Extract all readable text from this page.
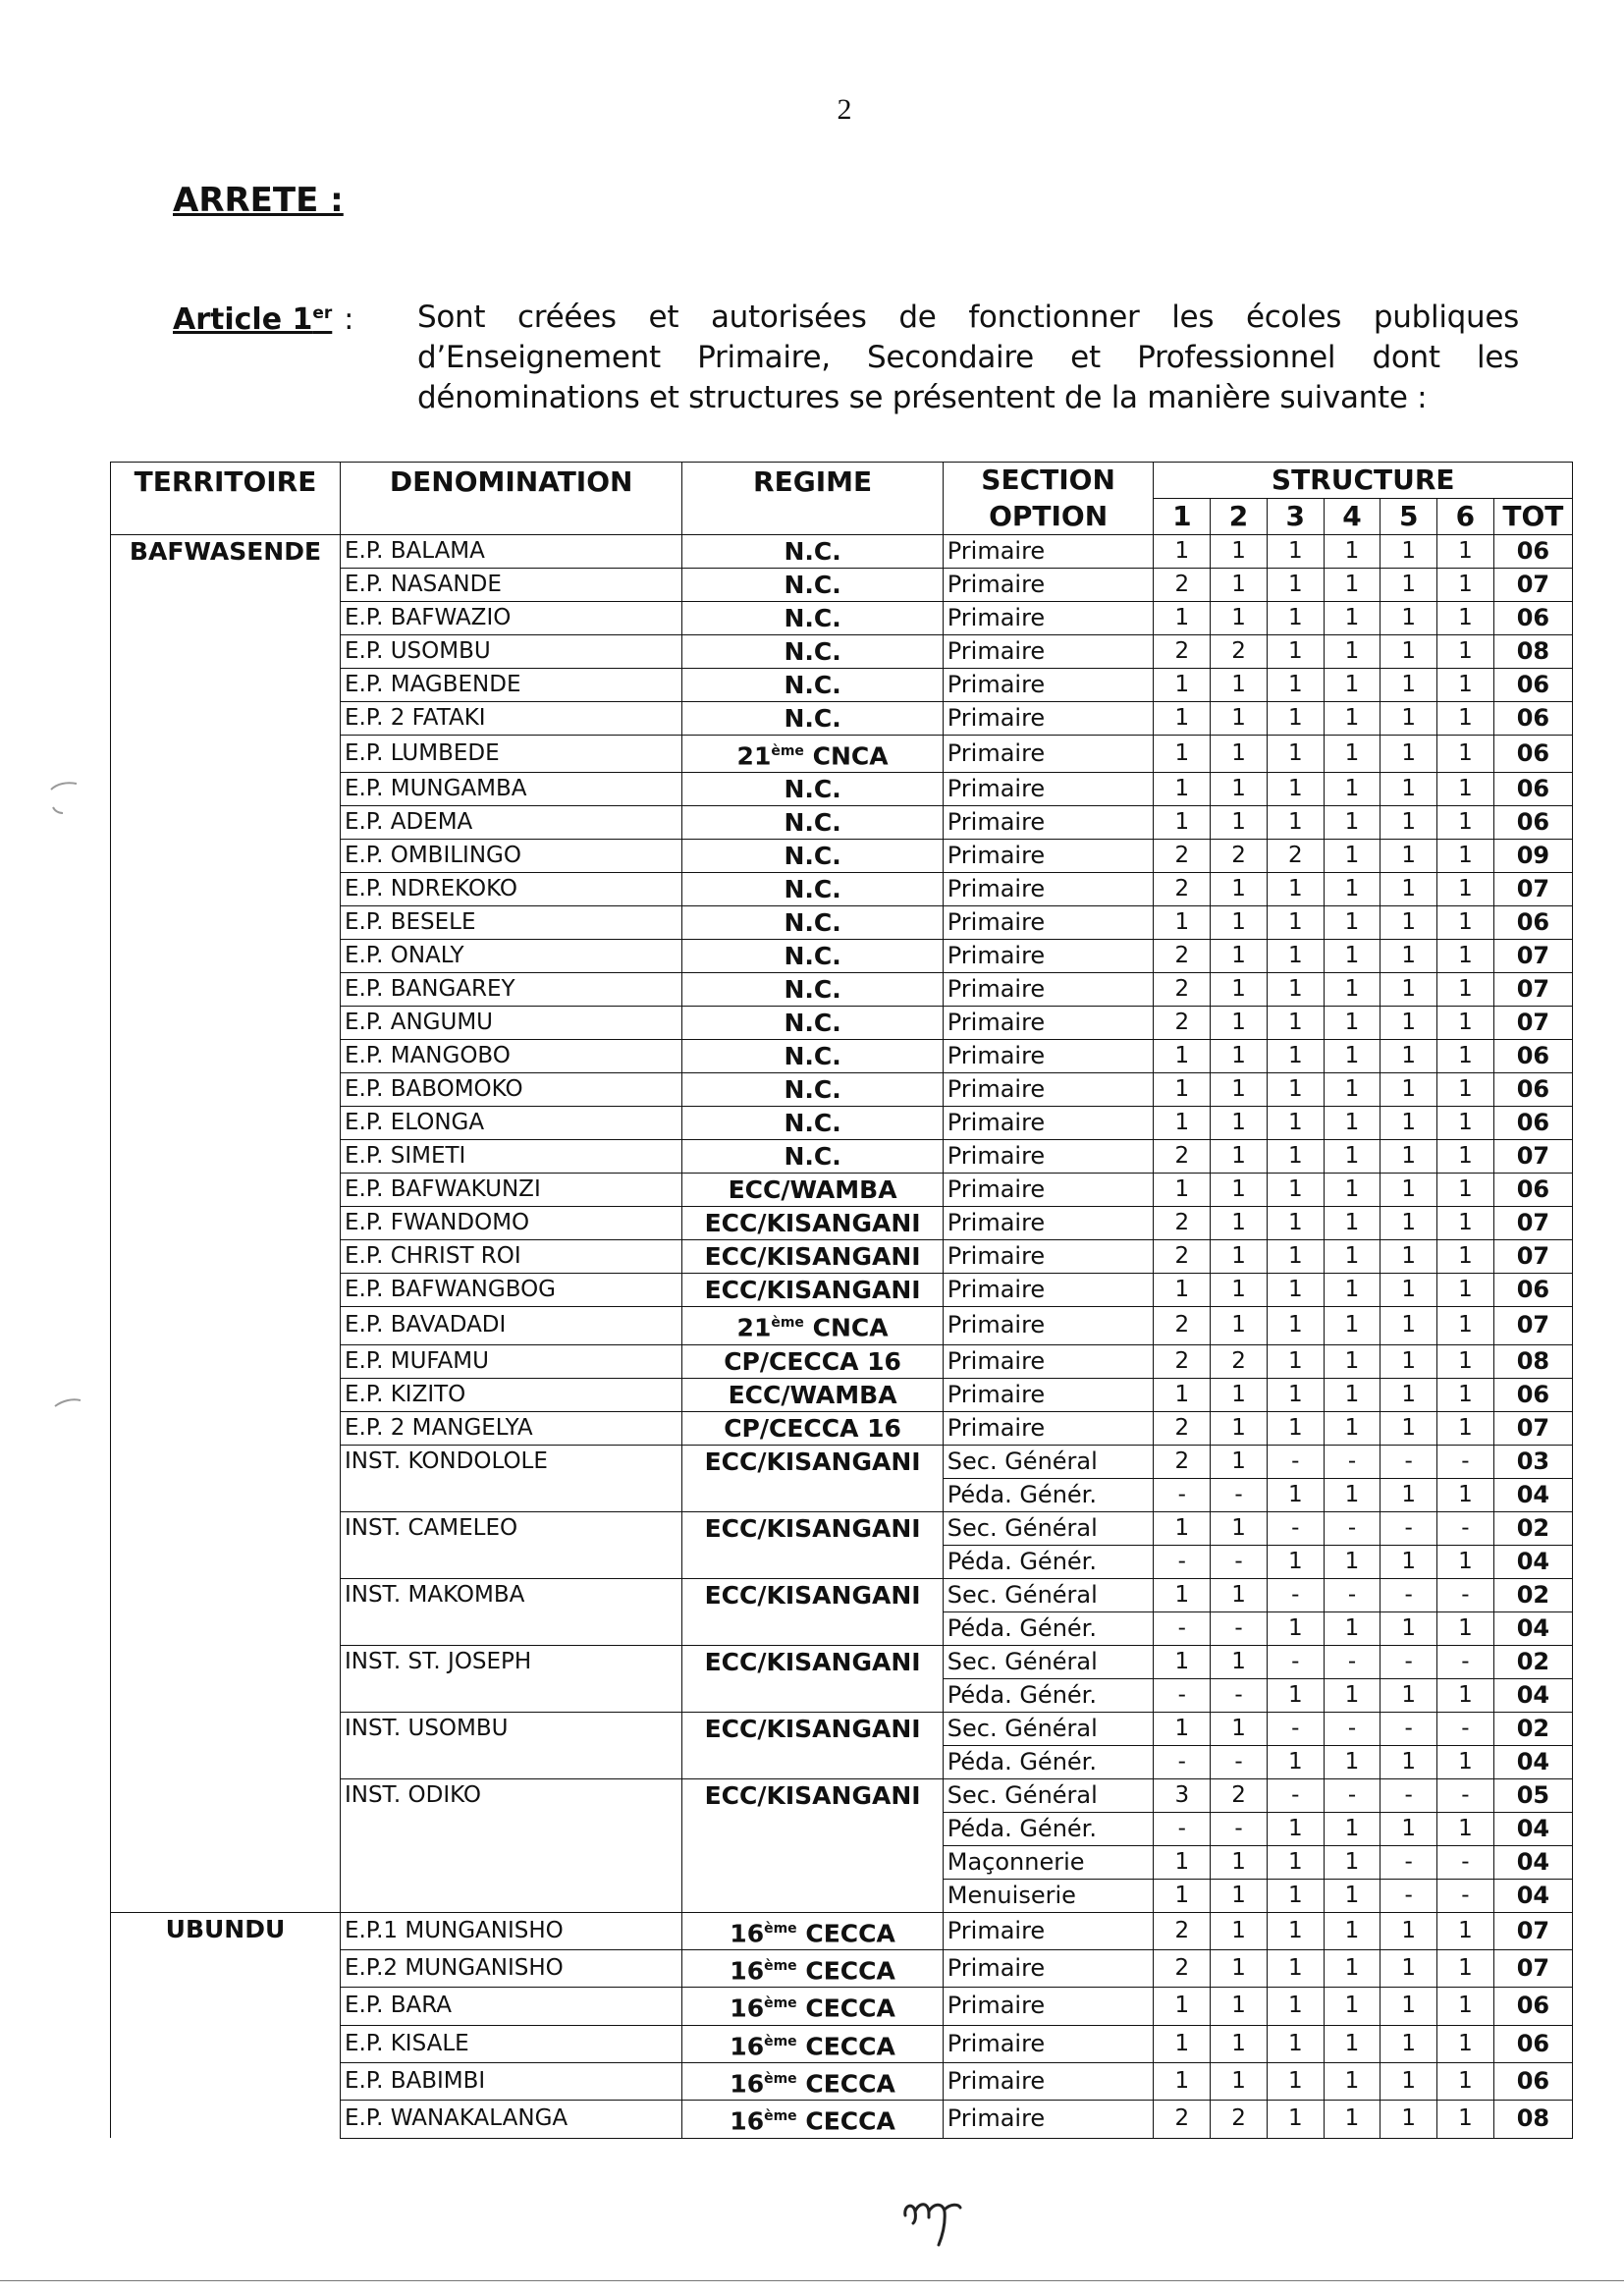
2
ARRETE :
Article 1er : Sont créées et autorisées de fonctionner les écoles publiques d’Enseignement Primaire, Secondaire et Professionnel dont les dénominations et structures se présentent de la manière suivante :

TERRITOIRE	DENOMINATION	REGIME	SECTION	STRUCTURE						
			OPTION	1	2	3	4	5	6	TOT
BAFWASENDE	E.P. BALAMA	N.C.	Primaire	1	1	1	1	1	1	06
	E.P. NASANDE	N.C.	Primaire	2	1	1	1	1	1	07
	E.P. BAFWAZIO	N.C.	Primaire	1	1	1	1	1	1	06
	E.P. USOMBU	N.C.	Primaire	2	2	1	1	1	1	08
	E.P. MAGBENDE	N.C.	Primaire	1	1	1	1	1	1	06
	E.P. 2 FATAKI	N.C.	Primaire	1	1	1	1	1	1	06
	E.P. LUMBEDE	21ème CNCA	Primaire	1	1	1	1	1	1	06
	E.P. MUNGAMBA	N.C.	Primaire	1	1	1	1	1	1	06
	E.P. ADEMA	N.C.	Primaire	1	1	1	1	1	1	06
	E.P. OMBILINGO	N.C.	Primaire	2	2	2	1	1	1	09
	E.P. NDREKOKO	N.C.	Primaire	2	1	1	1	1	1	07
	E.P. BESELE	N.C.	Primaire	1	1	1	1	1	1	06
	E.P. ONALY	N.C.	Primaire	2	1	1	1	1	1	07
	E.P. BANGAREY	N.C.	Primaire	2	1	1	1	1	1	07
	E.P. ANGUMU	N.C.	Primaire	2	1	1	1	1	1	07
	E.P. MANGOBO	N.C.	Primaire	1	1	1	1	1	1	06
	E.P. BABOMOKO	N.C.	Primaire	1	1	1	1	1	1	06
	E.P. ELONGA	N.C.	Primaire	1	1	1	1	1	1	06
	E.P. SIMETI	N.C.	Primaire	2	1	1	1	1	1	07
	E.P. BAFWAKUNZI	ECC/WAMBA	Primaire	1	1	1	1	1	1	06
	E.P. FWANDOMO	ECC/KISANGANI	Primaire	2	1	1	1	1	1	07
	E.P. CHRIST ROI	ECC/KISANGANI	Primaire	2	1	1	1	1	1	07
	E.P. BAFWANGBOG	ECC/KISANGANI	Primaire	1	1	1	1	1	1	06
	E.P. BAVADADI	21ème CNCA	Primaire	2	1	1	1	1	1	07
	E.P. MUFAMU	CP/CECCA 16	Primaire	2	2	1	1	1	1	08
	E.P. KIZITO	ECC/WAMBA	Primaire	1	1	1	1	1	1	06
	E.P. 2 MANGELYA	CP/CECCA 16	Primaire	2	1	1	1	1	1	07
	INST. KONDOLOLE	ECC/KISANGANI	Sec. Général	2	1	-	-	-	-	03
			Péda. Génér.	-	-	1	1	1	1	04
	INST. CAMELEO	ECC/KISANGANI	Sec. Général	1	1	-	-	-	-	02
			Péda. Génér.	-	-	1	1	1	1	04
	INST. MAKOMBA	ECC/KISANGANI	Sec. Général	1	1	-	-	-	-	02
			Péda. Génér.	-	-	1	1	1	1	04
	INST. ST. JOSEPH	ECC/KISANGANI	Sec. Général	1	1	-	-	-	-	02
			Péda. Génér.	-	-	1	1	1	1	04
	INST. USOMBU	ECC/KISANGANI	Sec. Général	1	1	-	-	-	-	02
			Péda. Génér.	-	-	1	1	1	1	04
	INST. ODIKO	ECC/KISANGANI	Sec. Général	3	2	-	-	-	-	05
			Péda. Génér.	-	-	1	1	1	1	04
			Maçonnerie	1	1	1	1	-	-	04
			Menuiserie	1	1	1	1	-	-	04
UBUNDU	E.P.1 MUNGANISHO	16ème CECCA	Primaire	2	1	1	1	1	1	07
	E.P.2 MUNGANISHO	16ème CECCA	Primaire	2	1	1	1	1	1	07
	E.P. BARA	16ème CECCA	Primaire	1	1	1	1	1	1	06
	E.P. KISALE	16ème CECCA	Primaire	1	1	1	1	1	1	06
	E.P. BABIMBI	16ème CECCA	Primaire	1	1	1	1	1	1	06
	E.P. WANAKALANGA	16ème CECCA	Primaire	2	2	1	1	1	1	08
